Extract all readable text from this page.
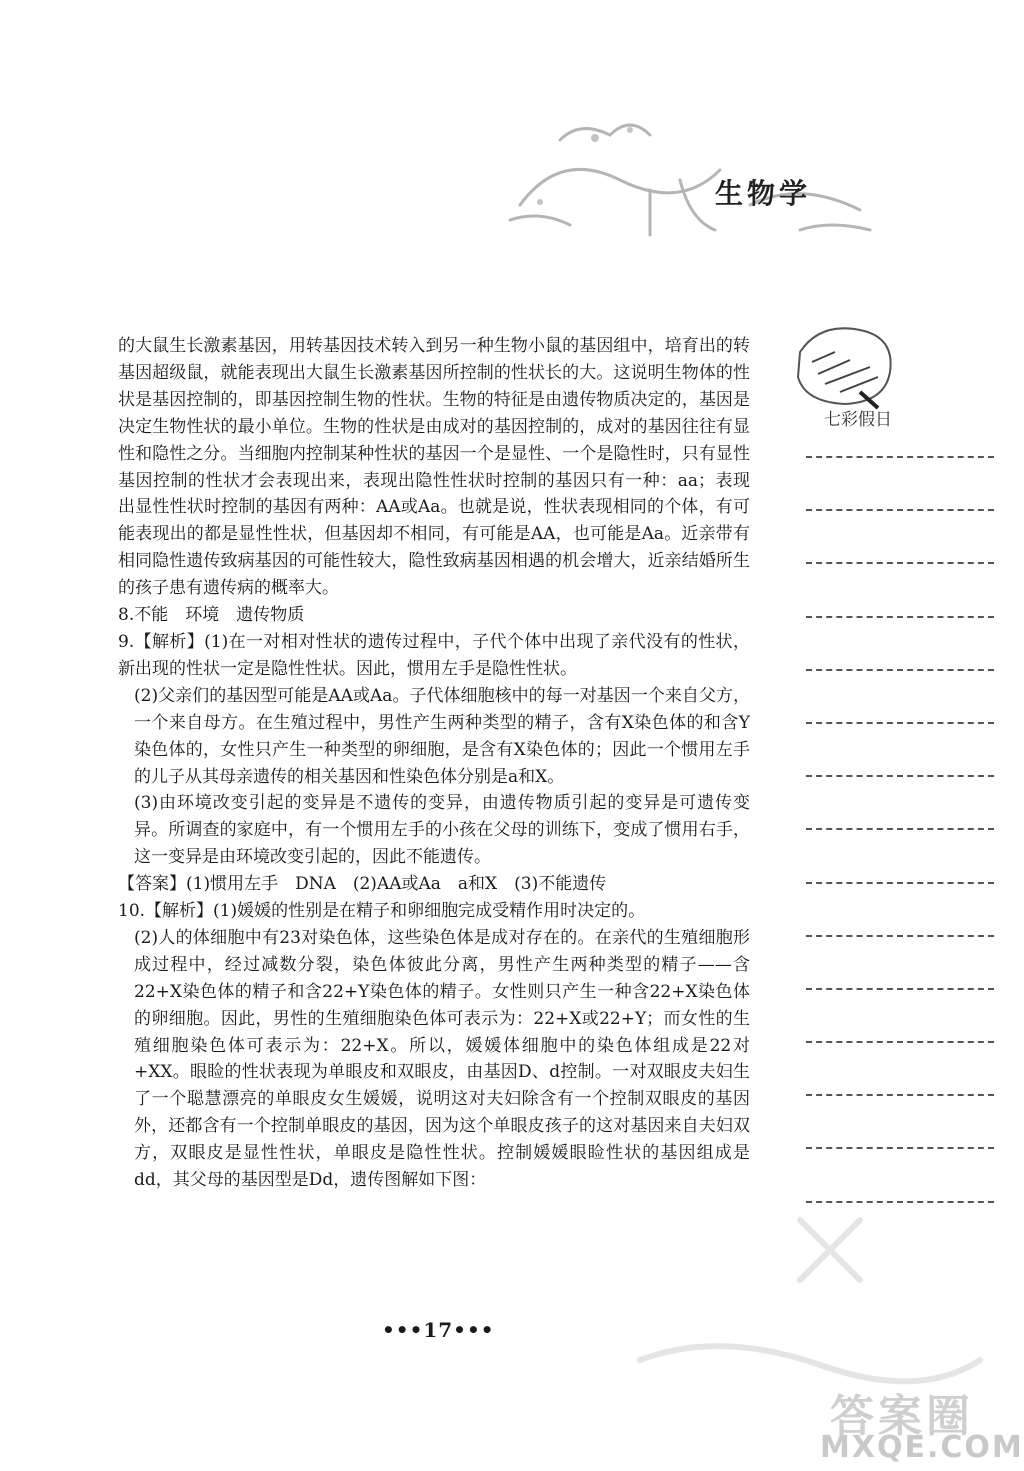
生物学
七彩假日

的大鼠生长激素基因，用转基因技术转入到另一种生物小鼠的基因组中，培育出的转基因超级鼠，就能表现出大鼠生长激素基因所控制的性状长的大。这说明生物体的性状是基因控制的，即基因控制生物的性状。生物的特征是由遗传物质决定的，基因是决定生物性状的最小单位。生物的性状是由成对的基因控制的，成对的基因往往有显性和隐性之分。当细胞内控制某种性状的基因一个是显性、一个是隐性时，只有显性基因控制的性状才会表现出来，表现出隐性性状时控制的基因只有一种：aa；表现出显性性状时控制的基因有两种：AA或Aa。也就是说，性状表现相同的个体，有可能表现出的都是显性性状，但基因却不相同，有可能是AA，也可能是Aa。近亲带有相同隐性遗传致病基因的可能性较大，隐性致病基因相遇的机会增大，近亲结婚所生的孩子患有遗传病的概率大。

8.不能　环境　遗传物质

9.【解析】(1)在一对相对性状的遗传过程中，子代个体中出现了亲代没有的性状，新出现的性状一定是隐性性状。因此，惯用左手是隐性性状。

(2)父亲们的基因型可能是AA或Aa。子代体细胞核中的每一对基因一个来自父方，一个来自母方。在生殖过程中，男性产生两种类型的精子，含有X染色体的和含Y染色体的，女性只产生一种类型的卵细胞，是含有X染色体的；因此一个惯用左手的儿子从其母亲遗传的相关基因和性染色体分别是a和X。

(3)由环境改变引起的变异是不遗传的变异，由遗传物质引起的变异是可遗传变异。所调查的家庭中，有一个惯用左手的小孩在父母的训练下，变成了惯用右手，这一变异是由环境改变引起的，因此不能遗传。

【答案】(1)惯用左手　DNA　(2)AA或Aa　a和X　(3)不能遗传

10.【解析】(1)媛媛的性别是在精子和卵细胞完成受精作用时决定的。

(2)人的体细胞中有23对染色体，这些染色体是成对存在的。在亲代的生殖细胞形成过程中，经过减数分裂，染色体彼此分离，男性产生两种类型的精子——含22+X染色体的精子和含22+Y染色体的精子。女性则只产生一种含22+X染色体的卵细胞。因此，男性的生殖细胞染色体可表示为：22+X或22+Y；而女性的生殖细胞染色体可表示为：22+X。所以，媛媛体细胞中的染色体组成是22对+XX。眼睑的性状表现为单眼皮和双眼皮，由基因D、d控制。一对双眼皮夫妇生了一个聪慧漂亮的单眼皮女生媛媛，说明这对夫妇除含有一个控制双眼皮的基因外，还都含有一个控制单眼皮的基因，因为这个单眼皮孩子的这对基因来自夫妇双方，双眼皮是显性性状，单眼皮是隐性性状。控制媛媛眼睑性状的基因组成是dd，其父母的基因型是Dd，遗传图解如下图：

•••17•••
答案圈
MXQE.COM
